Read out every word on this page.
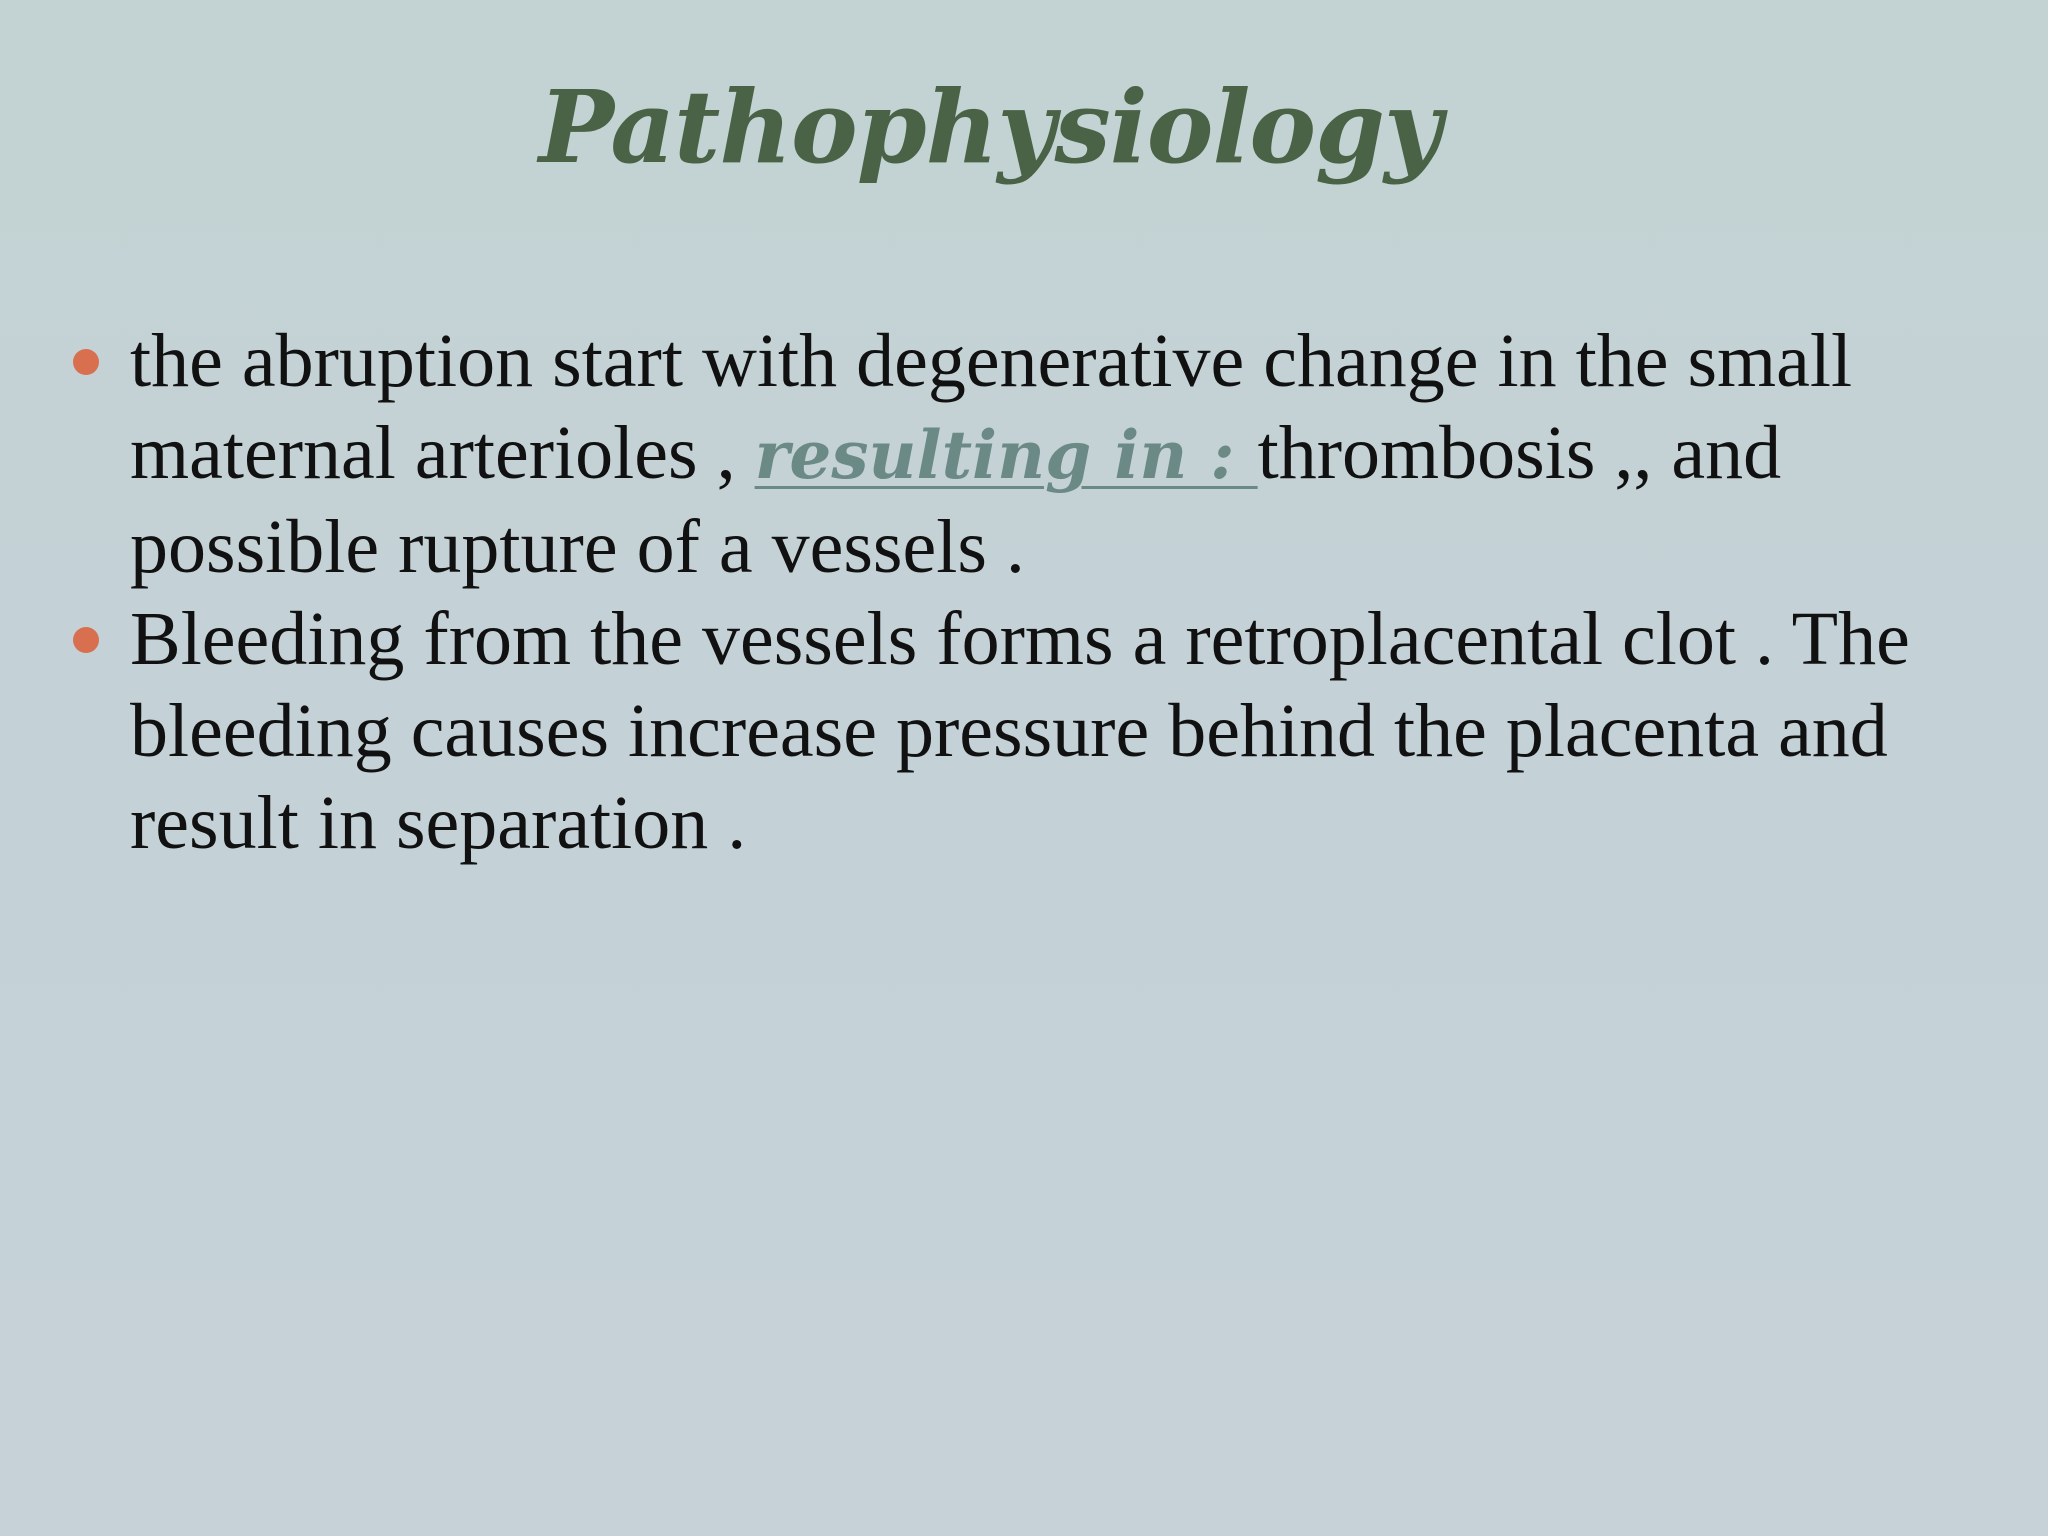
Pathophysiology
the abruption start with degenerative change in the small maternal arterioles , resulting in : thrombosis ,, and possible rupture of a vessels .
Bleeding from the vessels forms a retroplacental clot . The bleeding causes increase pressure behind the placenta and result in separation .
